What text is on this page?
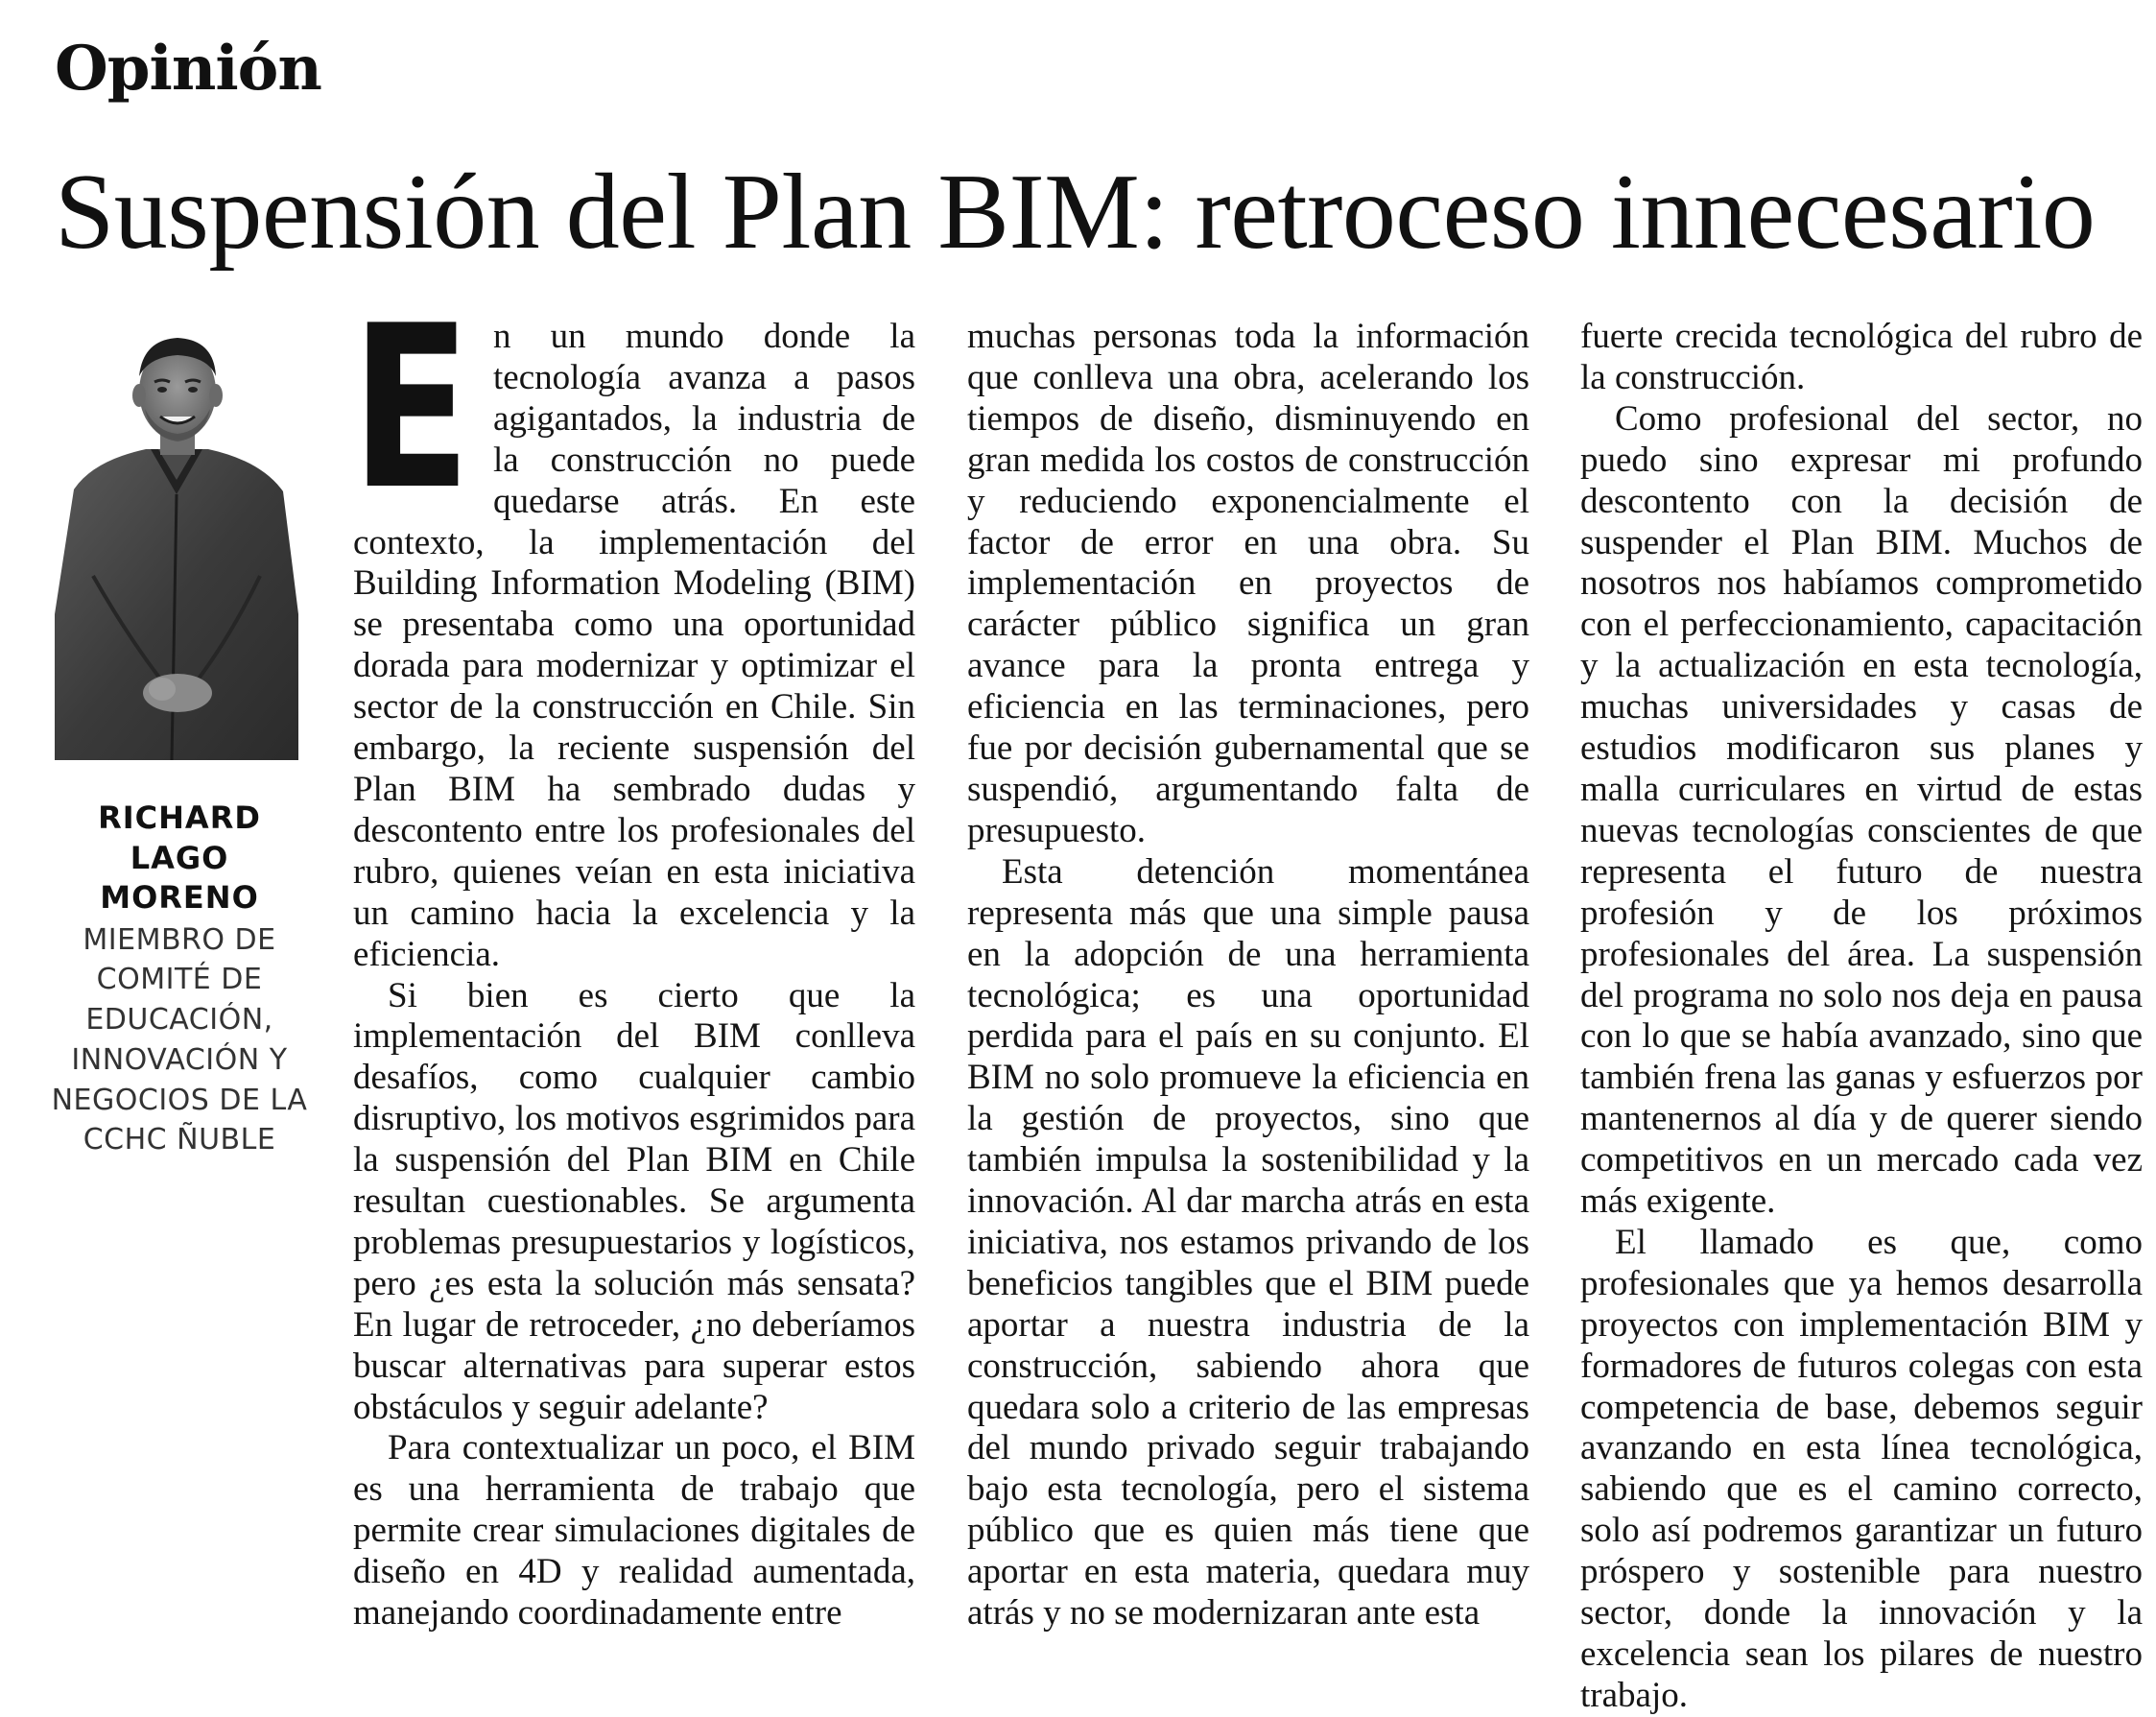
Opinión
Suspensión del Plan BIM: retroceso innecesario
RICHARD LAGO MORENO
MIEMBRO DE COMITÉ DE EDUCACIÓN, INNOVACIÓN Y NEGOCIOS DE LA CCHC ÑUBLE

En un mundo donde la tecnología avanza a pasos agigantados, la industria de la construcción no puede quedarse atrás. En este contexto, la implementación del Building Information Modeling (BIM) se presentaba como una oportunidad dorada para modernizar y optimizar el sector de la construcción en Chile. Sin embargo, la reciente suspensión del Plan BIM ha sembrado dudas y descontento entre los profesionales del rubro, quienes veían en esta iniciativa un camino hacia la excelencia y la eficiencia.

Si bien es cierto que la implementación del BIM conlleva desafíos, como cualquier cambio disruptivo, los motivos esgrimidos para la suspensión del Plan BIM en Chile resultan cuestionables. Se argumenta problemas presupuestarios y logísticos, pero ¿es esta la solución más sensata? En lugar de retroceder, ¿no deberíamos buscar alternativas para superar estos obstáculos y seguir adelante?

Para contextualizar un poco, el BIM es una herramienta de trabajo que permite crear simulaciones digitales de diseño en 4D y realidad aumentada, manejando coordinadamente entre

muchas personas toda la información que conlleva una obra, acelerando los tiempos de diseño, disminuyendo en gran medida los costos de construcción y reduciendo exponencialmente el factor de error en una obra. Su implementación en proyectos de carácter público significa un gran avance para la pronta entrega y eficiencia en las terminaciones, pero fue por decisión gubernamental que se suspendió, argumentando falta de presupuesto.

Esta detención momentánea representa más que una simple pausa en la adopción de una herramienta tecnológica; es una oportunidad perdida para el país en su conjunto. El BIM no solo promueve la eficiencia en la gestión de proyectos, sino que también impulsa la sostenibilidad y la innovación. Al dar marcha atrás en esta iniciativa, nos estamos privando de los beneficios tangibles que el BIM puede aportar a nuestra industria de la construcción, sabiendo ahora que quedara solo a criterio de las empresas del mundo privado seguir trabajando bajo esta tecnología, pero el sistema público que es quien más tiene que aportar en esta materia, quedara muy atrás y no se modernizaran ante esta

fuerte crecida tecnológica del rubro de la construcción.

Como profesional del sector, no puedo sino expresar mi profundo descontento con la decisión de suspender el Plan BIM. Muchos de nosotros nos habíamos comprometido con el perfeccionamiento, capacitación y la actualización en esta tecnología, muchas universidades y casas de estudios modificaron sus planes y malla curriculares en virtud de estas nuevas tecnologías conscientes de que representa el futuro de nuestra profesión y de los próximos profesionales del área. La suspensión del programa no solo nos deja en pausa con lo que se había avanzado, sino que también frena las ganas y esfuerzos por mantenernos al día y de querer siendo competitivos en un mercado cada vez más exigente.

El llamado es que, como profesionales que ya hemos desarrolla proyectos con implementación BIM y formadores de futuros colegas con esta competencia de base, debemos seguir avanzando en esta línea tecnológica, sabiendo que es el camino correcto, solo así podremos garantizar un futuro próspero y sostenible para nuestro sector, donde la innovación y la excelencia sean los pilares de nuestro trabajo.
